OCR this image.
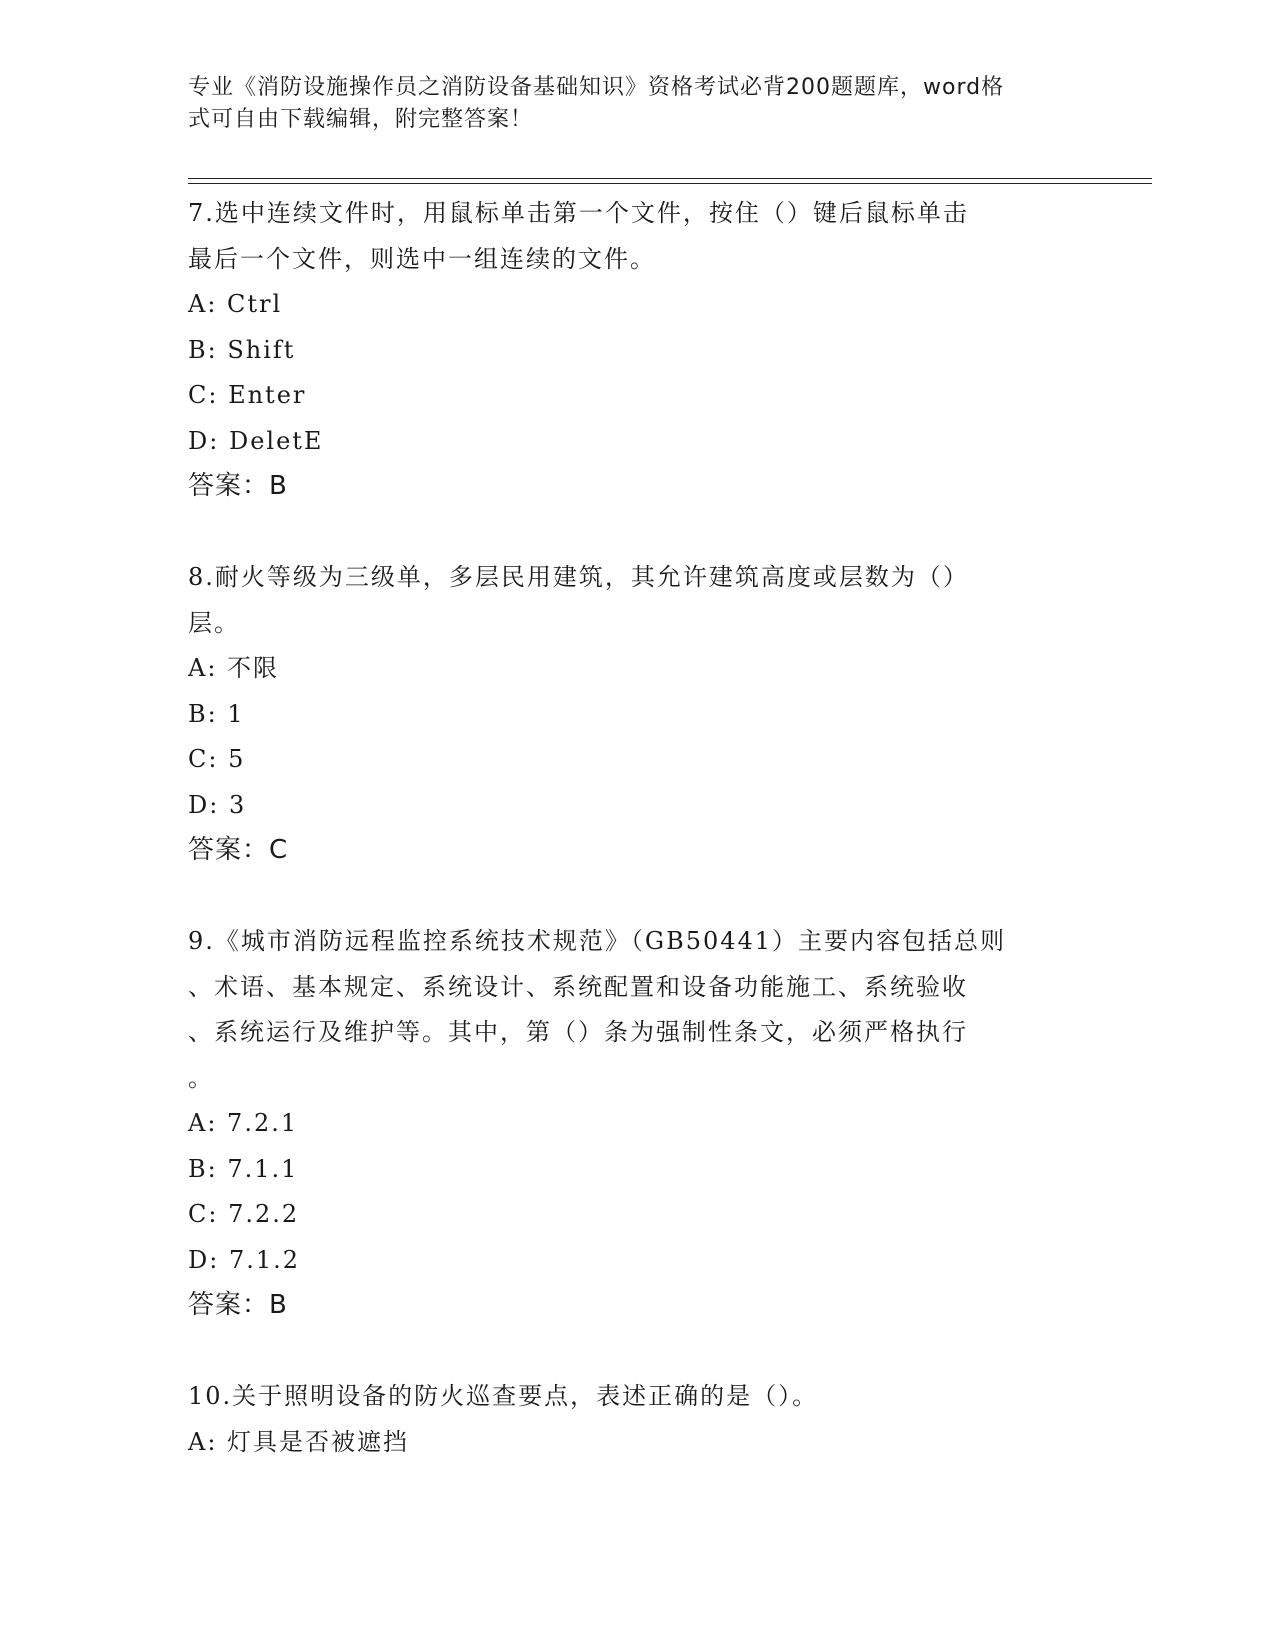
专业《消防设施操作员之消防设备基础知识》资格考试必背200题题库，word格
式可自由下载编辑，附完整答案！
7.选中连续文件时，用鼠标单击第一个文件，按住（）键后鼠标单击
最后一个文件，则选中一组连续的文件。
A: Ctrl
B: Shift
C: Enter
D: DeletE
答案：B
8.耐火等级为三级单，多层民用建筑，其允许建筑高度或层数为（）
层。
A: 不限
B: 1
C: 5
D: 3
答案：C
9.《城市消防远程监控系统技术规范》（GB50441）主要内容包括总则
、术语、基本规定、系统设计、系统配置和设备功能施工、系统验收
、系统运行及维护等。其中，第（）条为强制性条文，必须严格执行
。
A: 7.2.1
B: 7.1.1
C: 7.2.2
D: 7.1.2
答案：B
10.关于照明设备的防火巡查要点，表述正确的是（）。
A: 灯具是否被遮挡
